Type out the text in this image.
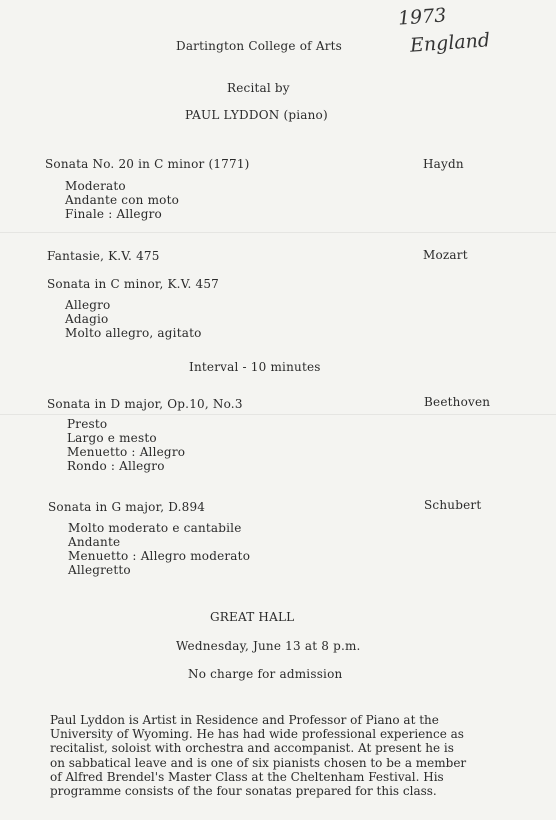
1973
England
Dartington College of Arts
Recital by
PAUL LYDDON (piano)
Sonata No. 20 in C minor (1771)	Haydn
Moderato
Andante con moto
Finale : Allegro
Fantasie, K.V. 475	Mozart
Sonata in C minor, K.V. 457
Allegro
Adagio
Molto allegro, agitato
Interval - 10 minutes
Sonata in D major, Op.10, No.3	Beethoven
Presto
Largo e mesto
Menuetto : Allegro
Rondo : Allegro
Sonata in G major, D.894	Schubert
Molto moderato e cantabile
Andante
Menuetto : Allegro moderato
Allegretto
GREAT HALL
Wednesday, June 13 at 8 p.m.
No charge for admission
Paul Lyddon is Artist in Residence and Professor of Piano at the
University of Wyoming. He has had wide professional experience as
recitalist, soloist with orchestra and accompanist. At present he is
on sabbatical leave and is one of six pianists chosen to be a member
of Alfred Brendel's Master Class at the Cheltenham Festival. His
programme consists of the four sonatas prepared for this class.
